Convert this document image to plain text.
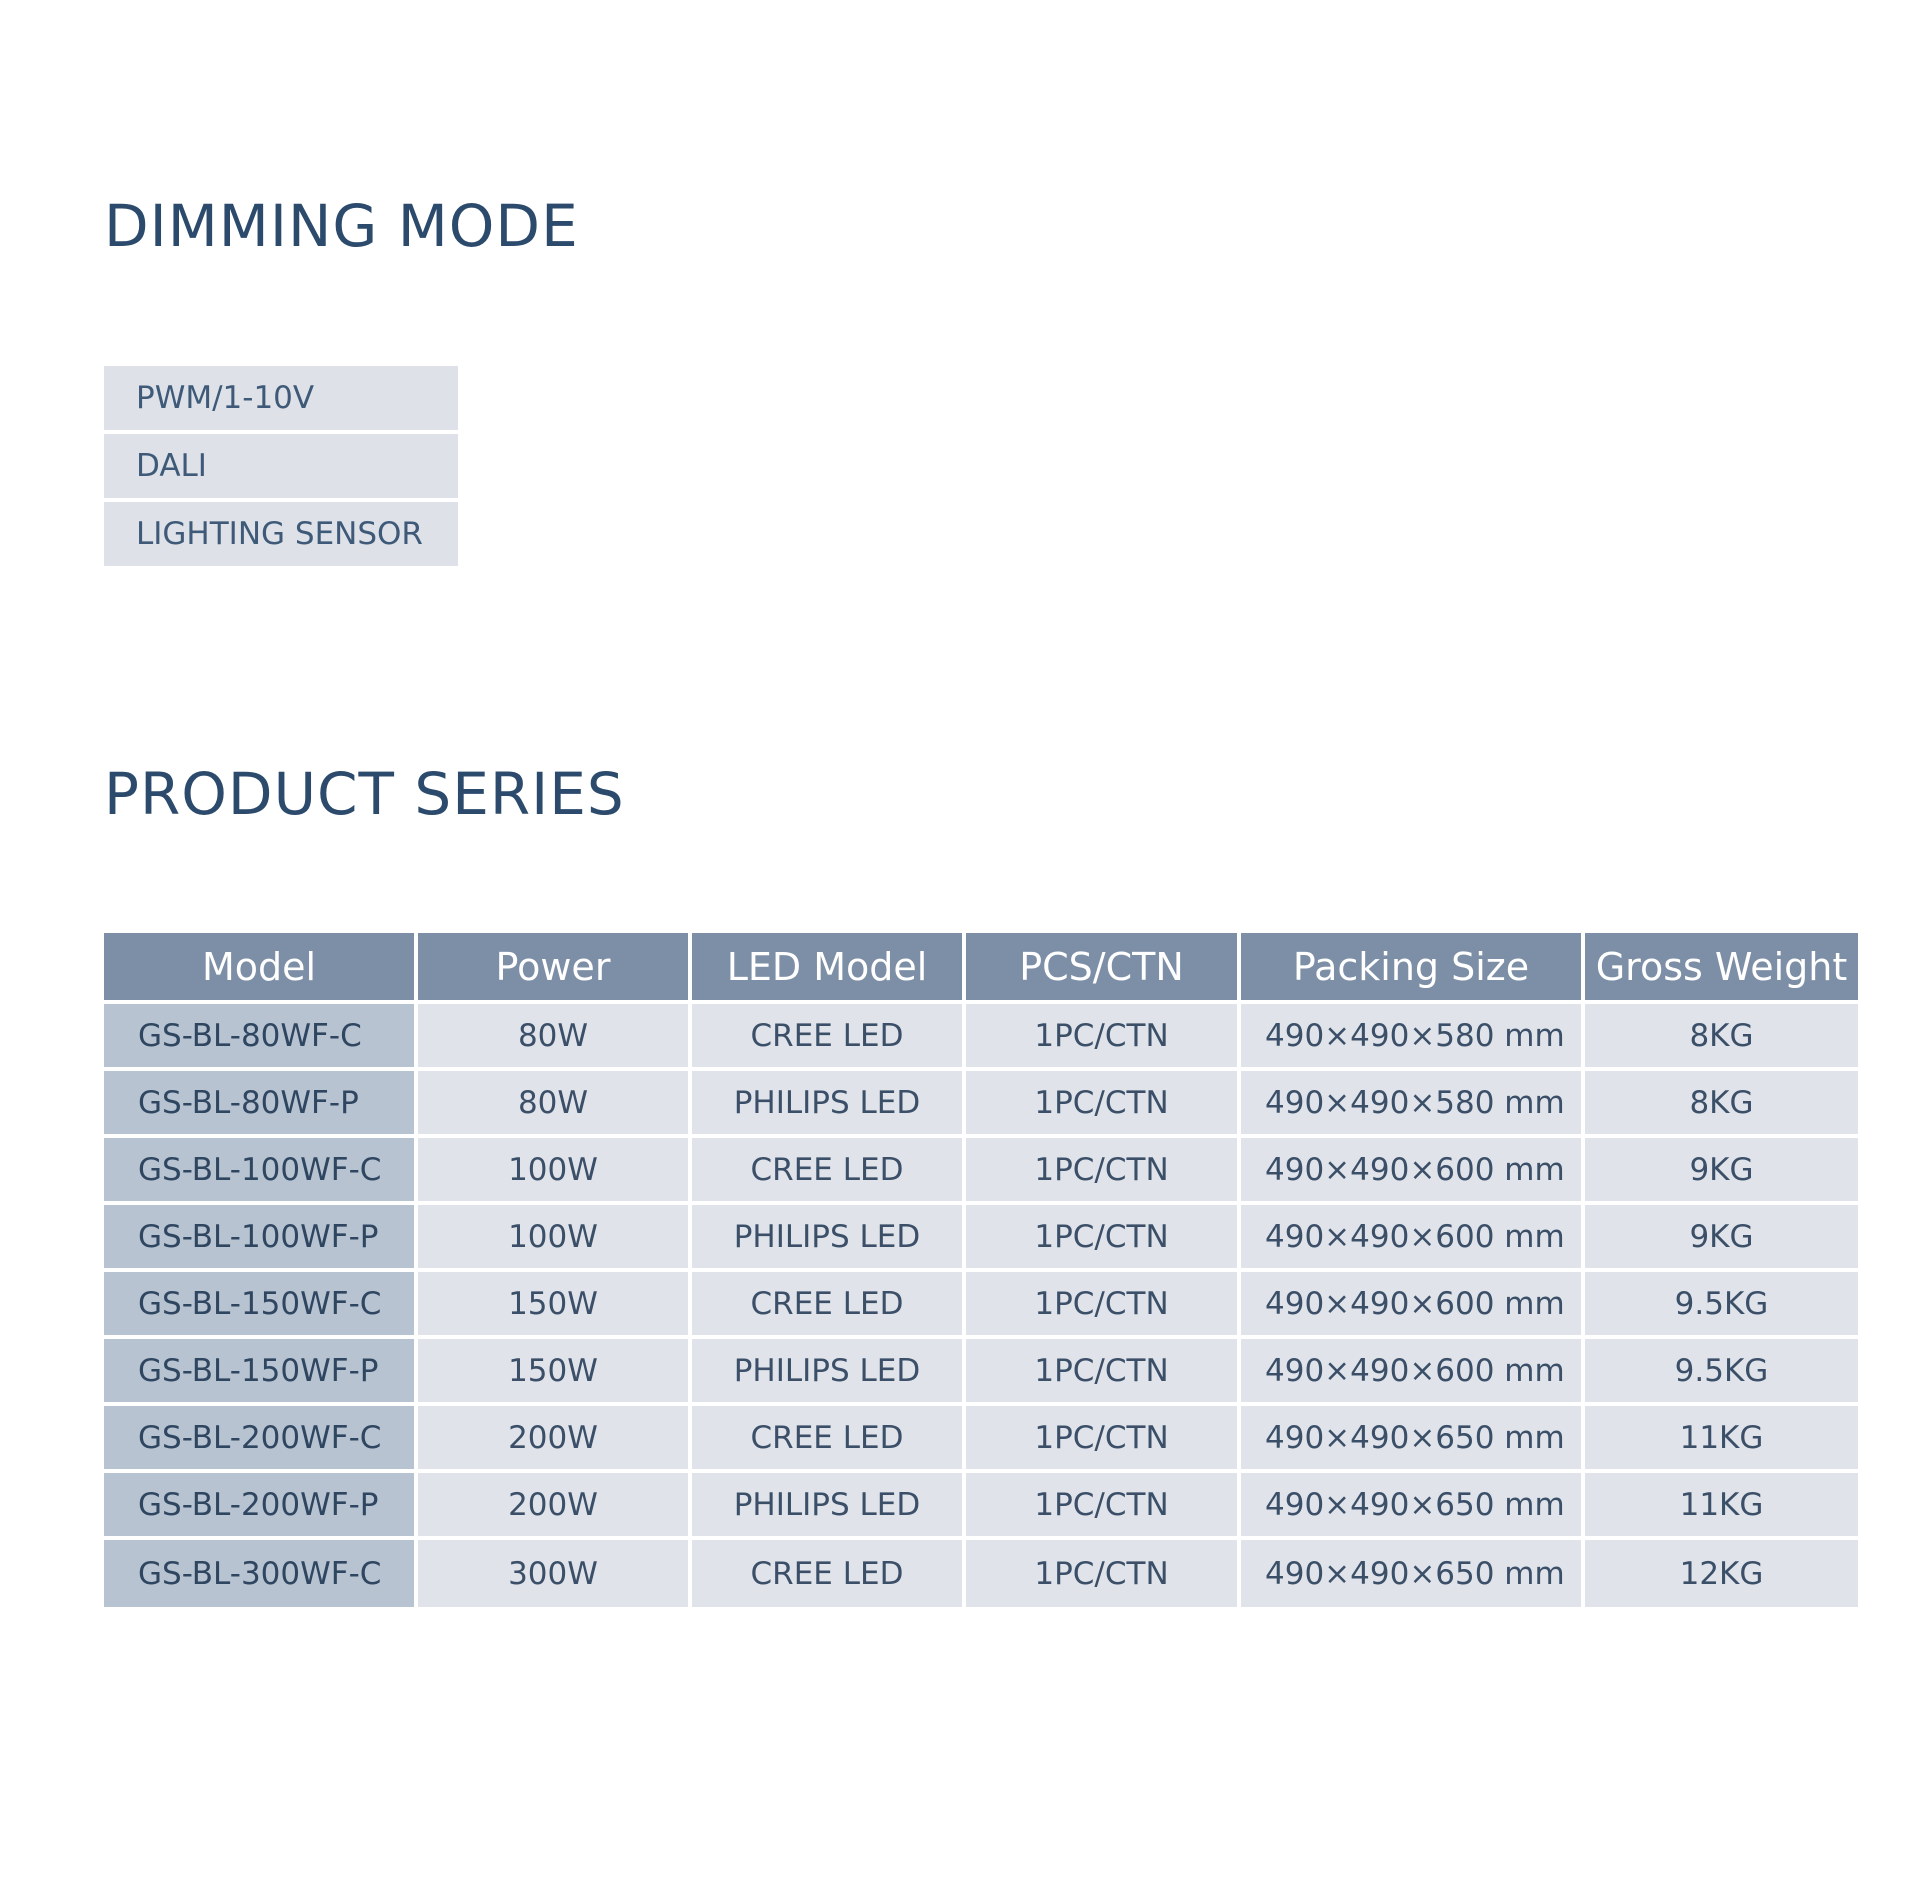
DIMMING MODE
PWM/1-10V
DALI
LIGHTING SENSOR
PRODUCT SERIES
Model	Power	LED Model	PCS/CTN	Packing Size	Gross Weight
GS-BL-80WF-C	80W	CREE LED	1PC/CTN	490×490×580 mm	8KG
GS-BL-80WF-P	80W	PHILIPS LED	1PC/CTN	490×490×580 mm	8KG
GS-BL-100WF-C	100W	CREE LED	1PC/CTN	490×490×600 mm	9KG
GS-BL-100WF-P	100W	PHILIPS LED	1PC/CTN	490×490×600 mm	9KG
GS-BL-150WF-C	150W	CREE LED	1PC/CTN	490×490×600 mm	9.5KG
GS-BL-150WF-P	150W	PHILIPS LED	1PC/CTN	490×490×600 mm	9.5KG
GS-BL-200WF-C	200W	CREE LED	1PC/CTN	490×490×650 mm	11KG
GS-BL-200WF-P	200W	PHILIPS LED	1PC/CTN	490×490×650 mm	11KG
GS-BL-300WF-C	300W	CREE LED	1PC/CTN	490×490×650 mm	12KG
